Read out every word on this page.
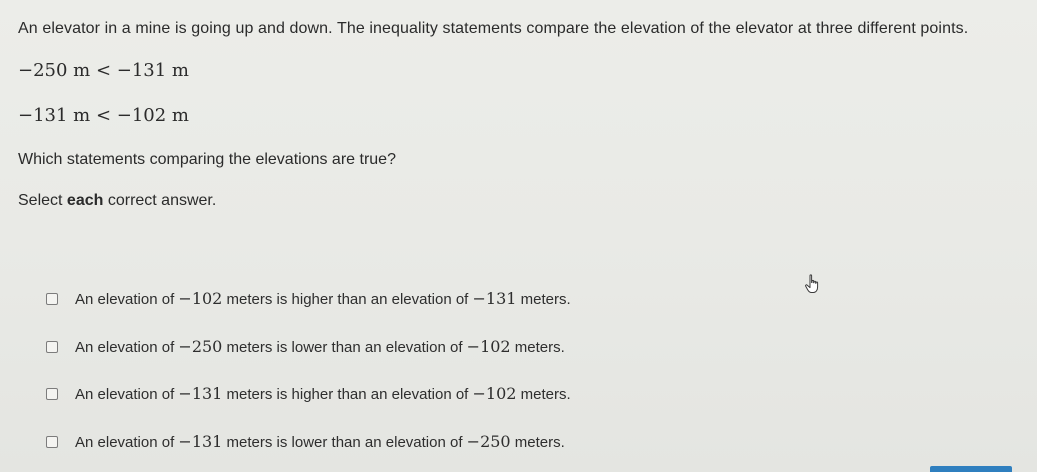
An elevator in a mine is going up and down. The inequality statements compare the elevation of the elevator at three different points.
−250 m < −131 m
−131 m < −102 m
Which statements comparing the elevations are true?
Select each correct answer.
An elevation of −102 meters is higher than an elevation of −131 meters.
An elevation of −250 meters is lower than an elevation of −102 meters.
An elevation of −131 meters is higher than an elevation of −102 meters.
An elevation of −131 meters is lower than an elevation of −250 meters.
